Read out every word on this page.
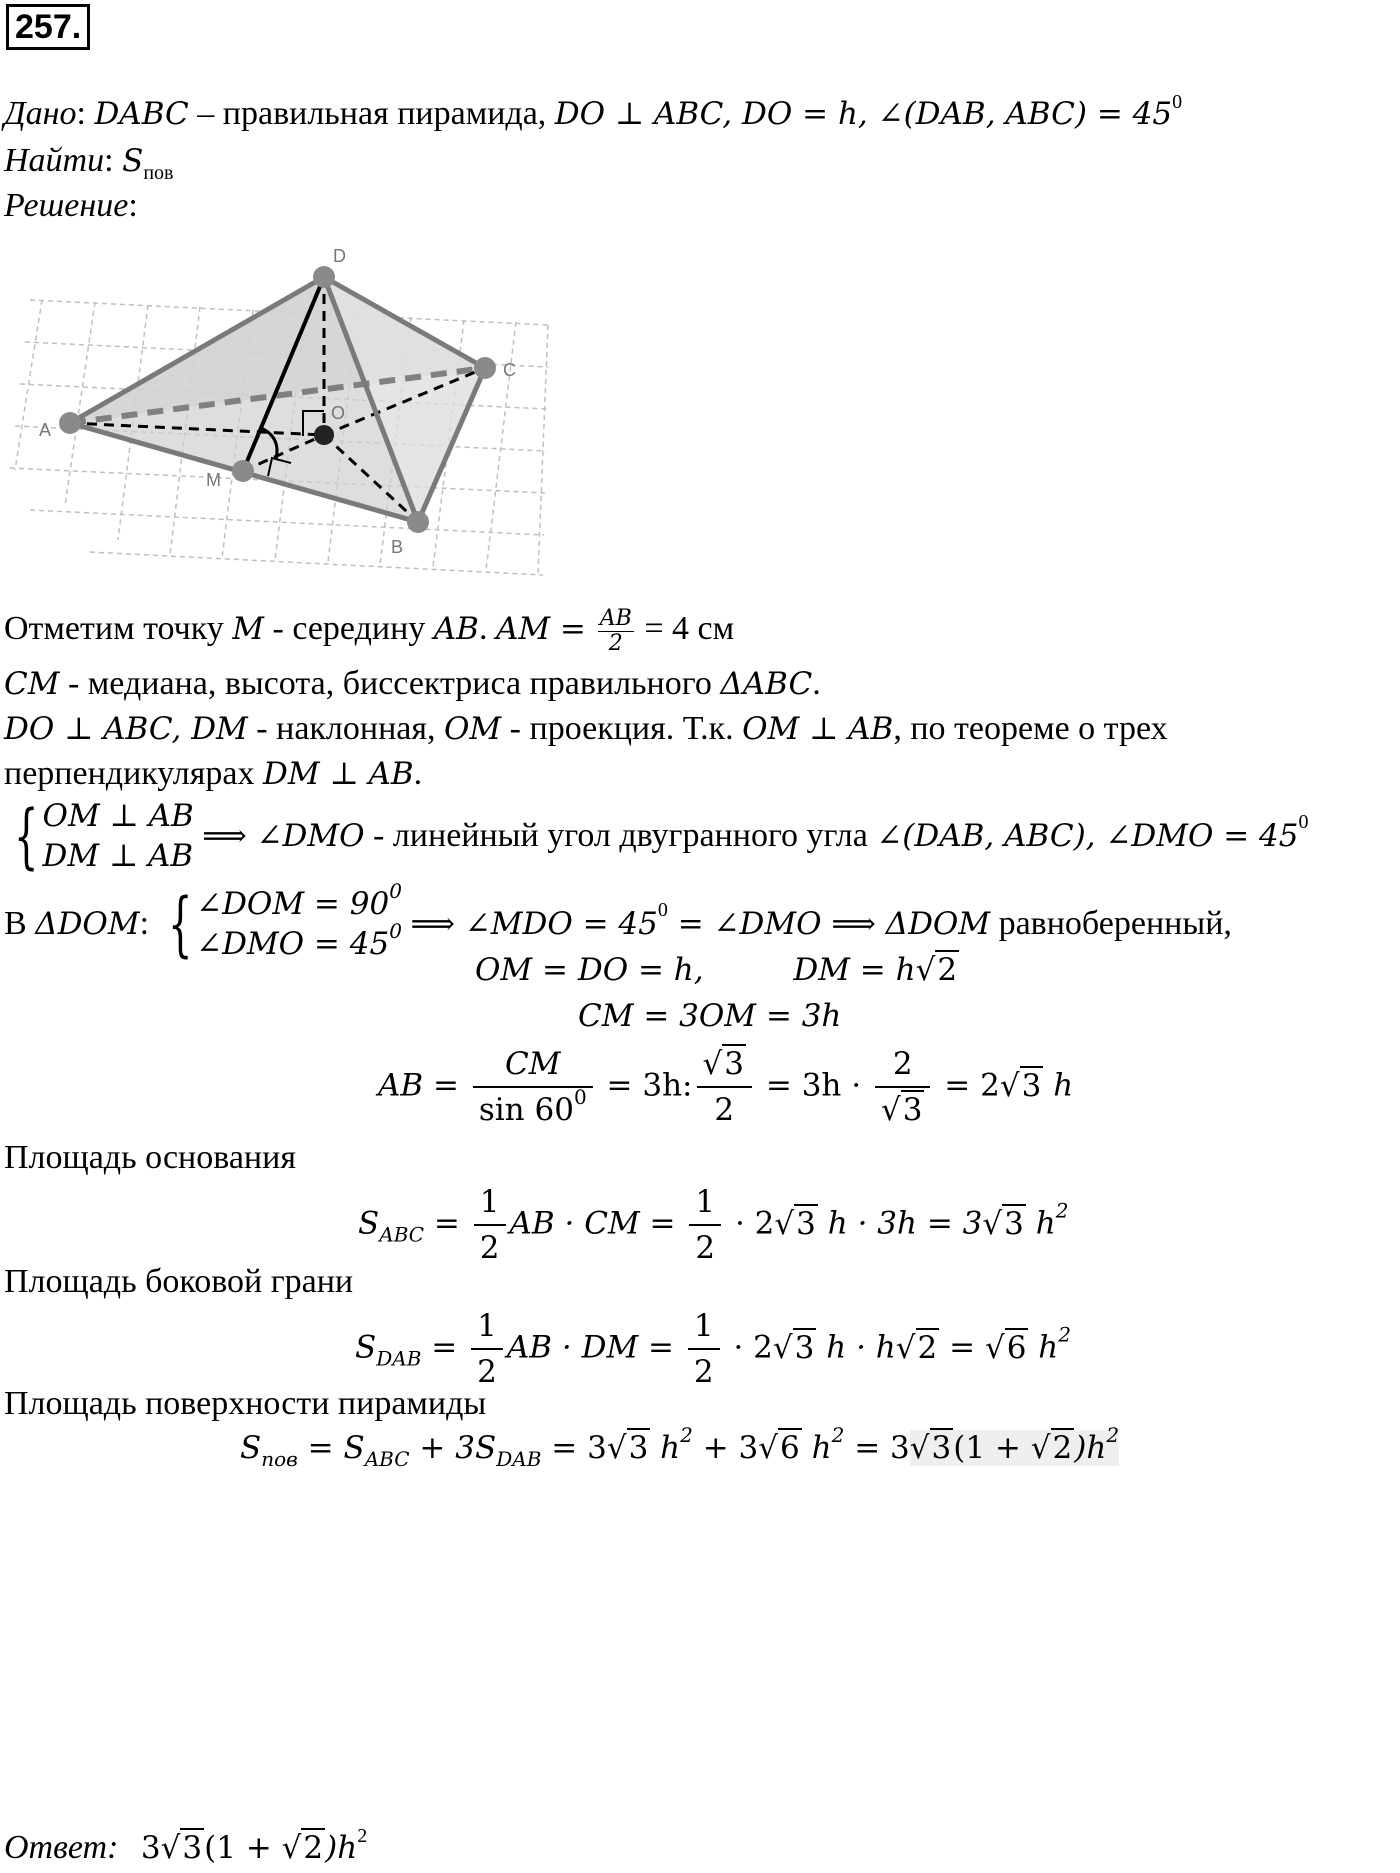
257.
Дано: DABC – правильная пирамида, DO ⊥ ABC, DO = h, ∠(DAB, $ABC) = 45^0$
Найти: $S_{пов}$
Решение:
D
C
A
O
M
B
Отметим точку M - середину AB. AM = $\frac{AB}{2} = 4$ см
CM - медиана, высота, биссектриса правильного ΔABC.
DO ⊥ ABC, DM - наклонная, OM - проекция. Т.к. OM ⊥ AB, по теореме о трех
перпендикулярах DM ⊥ AB.
{ OM ⊥ AB
DM ⊥ AB
⟹ ∠DMO - линейный угол двугранного угла ∠(DAB, ABC), ∠DMO = $45^0$
В ΔDOM: { ∠DOM = $90^0$
∠DMO = $45^0$ ⟹ ∠MDO = $45^0$ = ∠DMO ⟹ ΔDOM равноберенный,
OM = DO = h,	DM = h√2
CM = 3OM = 3h
AB = $\frac{CM}{\sin 60^0} = 3h$: $\frac{√3}{2} = 3h \cdot \frac{2}{√3} = 2√3$ h
Площадь основания
$S_{ABC} = \frac{1}{2}$ AB · CM = $\frac{1}{2} \cdot 2√3$ h · 3h = 3√3 $h^2$
Площадь боковой грани
$S_{DAB} = \frac{1}{2}$ AB · DM = $\frac{1}{2} \cdot 2√3$ h · h√2 = √6 $h^2$
Площадь поверхности пирамиды
$S_{пов} = S_{ABC} + 3S_{DAB} = 3√3$ $h^2 + 3√6$ $h^2 = 3√3(1 + √2)h^2$
Ответ: $3√3(1 + √2)h^2$
